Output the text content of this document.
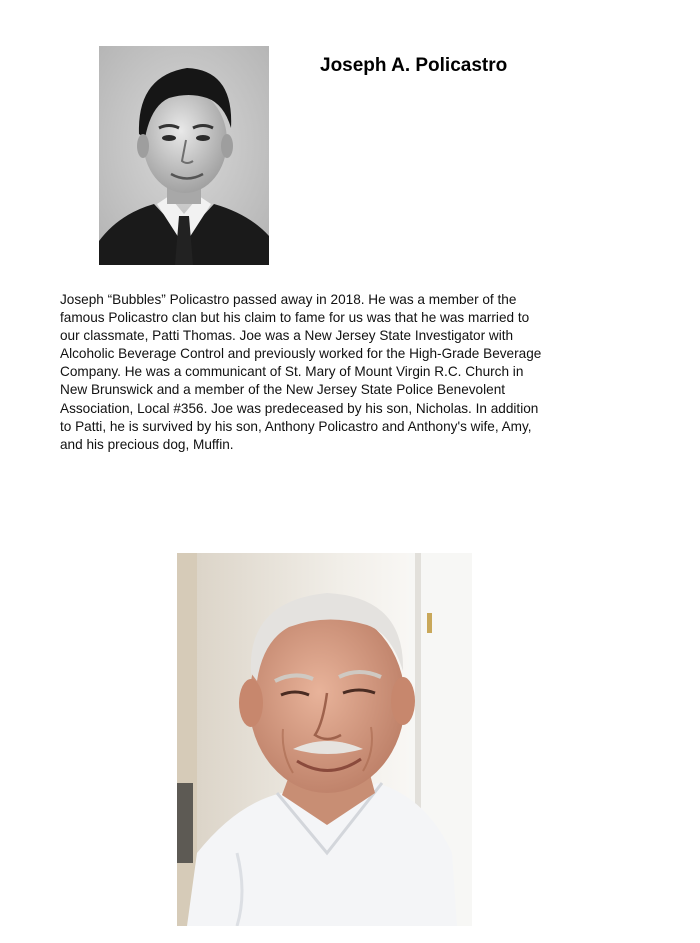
Joseph A. Policastro

Joseph “Bubbles” Policastro passed away in 2018. He was a member of the
famous Policastro clan but his claim to fame for us was that he was married to
our classmate, Patti Thomas. Joe was a New Jersey State Investigator with
Alcoholic Beverage Control and previously worked for the High-Grade Beverage
Company. He was a communicant of St. Mary of Mount Virgin R.C. Church in
New Brunswick and a member of the New Jersey State Police Benevolent
Association, Local #356. Joe was predeceased by his son, Nicholas. In addition
to Patti, he is survived by his son, Anthony Policastro and Anthony's wife, Amy,
and his precious dog, Muffin.
